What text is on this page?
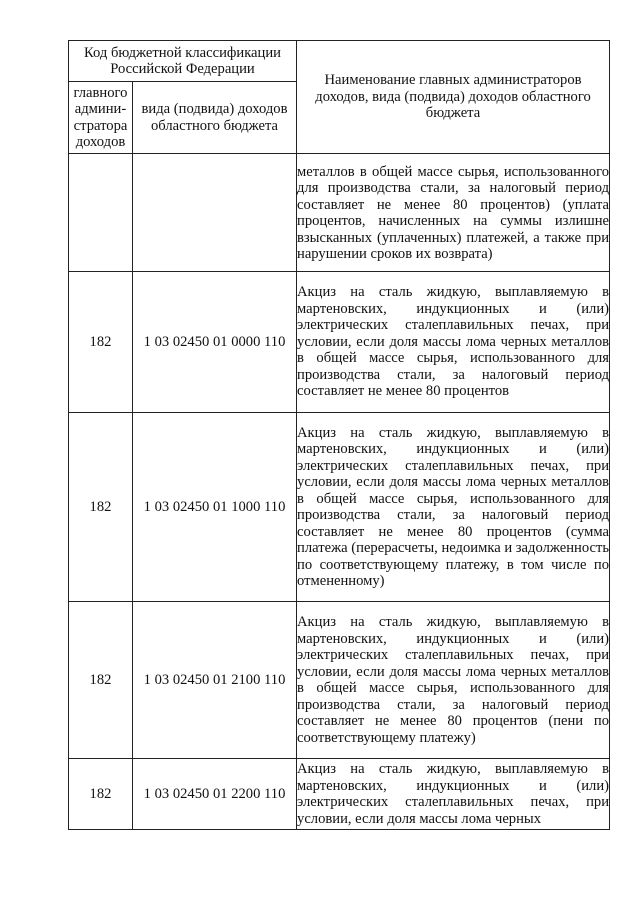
Код бюджетной классификации Российской Федерации		Наименование главных администраторов доходов, вида (подвида) доходов областного бюджета
главного админи-стратора доходов	вида (подвида) доходов областного бюджета	
		металлов в общей массе сырья, использованного для производства стали, за налоговый период составляет не менее 80 процентов) (уплата процентов, начисленных на суммы излишне взысканных (уплаченных) платежей, а также при нарушении сроков их возврата)
182	1 03 02450 01 0000 110	Акциз на сталь жидкую, выплавляемую в мартеновских, индукционных и (или) электрических сталеплавильных печах, при условии, если доля массы лома черных металлов в общей массе сырья, использованного для производства стали, за налоговый период составляет не менее 80 процентов
182	1 03 02450 01 1000 110	Акциз на сталь жидкую, выплавляемую в мартеновских, индукционных и (или) электрических сталеплавильных печах, при условии, если доля массы лома черных металлов в общей массе сырья, использованного для производства стали, за налоговый период составляет не менее 80 процентов (сумма платежа (перерасчеты, недоимка и задолженность по соответствующему платежу, в том числе по отмененному)
182	1 03 02450 01 2100 110	Акциз на сталь жидкую, выплавляемую в мартеновских, индукционных и (или) электрических сталеплавильных печах, при условии, если доля массы лома черных металлов в общей массе сырья, использованного для производства стали, за налоговый период составляет не менее 80 процентов (пени по соответствующему платежу)
182	1 03 02450 01 2200 110	Акциз на сталь жидкую, выплавляемую в мартеновских, индукционных и (или) электрических сталеплавильных печах, при условии, если доля массы лома черных
